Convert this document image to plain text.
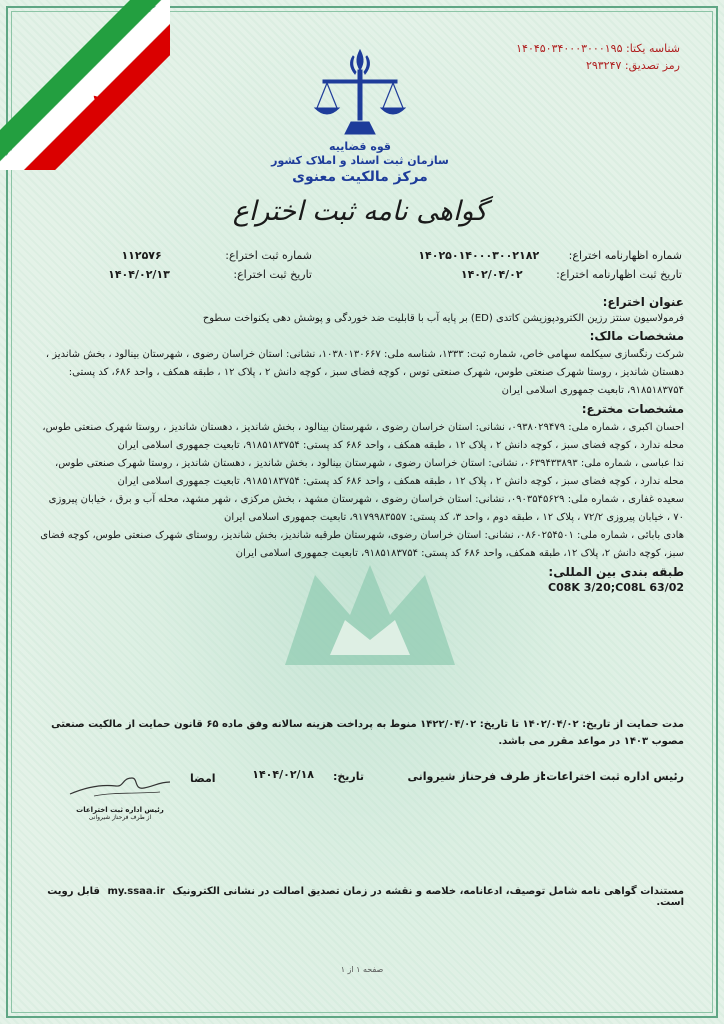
شناسه یکتا: ۱۴۰۴۵۰۳۴۰۰۰۳۰۰۰۱۹۵
رمز تصدیق: ۲۹۳۲۴۷
قوه قضاییه
سازمان ثبت اسناد و املاک کشور
مرکز مالکیت معنوی
گواهی نامه ثبت اختراع
شماره اظهارنامه اختراع: ۱۴۰۲۵۰۱۴۰۰۰۳۰۰۲۱۸۲
شماره ثبت اختراع: ۱۱۲۵۷۶
تاریخ ثبت اظهارنامه اختراع: ۱۴۰۲/۰۴/۰۲
تاریخ ثبت اختراع: ۱۴۰۴/۰۲/۱۳
عنوان اختراع:
فرمولاسیون سنتز رزین الکترودپوزیشن کاتدی (ED) بر پایه آب با قابلیت ضد خوردگی و پوشش دهی یکنواخت سطوح
مشخصات مالک:
شرکت رنگسازی سیکلمه سهامی خاص، شماره ثبت: ۱۳۳۳، شناسه ملی: ۱۰۳۸۰۱۳۰۶۶۷، نشانی: استان خراسان رضوی ، شهرستان بینالود ، بخش شاندیز ، دهستان شاندیز ، روستا شهرک صنعتی طوس، شهرک صنعتی توس ، کوچه فضای سبز ، کوچه دانش ۲ ، پلاک ۱۲ ، طبقه همکف ، واحد ۶۸۶، کد پستی: ۹۱۸۵۱۸۳۷۵۴، تابعیت جمهوری اسلامی ایران
مشخصات مخترع:
احسان اکبری ، شماره ملی: ۰۹۳۸۰۲۹۴۷۹، نشانی: استان خراسان رضوی ، شهرستان بینالود ، بخش شاندیز ، دهستان شاندیز ، روستا شهرک صنعتی طوس، محله ندارد ، کوچه فضای سبز ، کوچه دانش ۲ ، پلاک ۱۲ ، طبقه همکف ، واحد ۶۸۶ کد پستی: ۹۱۸۵۱۸۳۷۵۴، تابعیت جمهوری اسلامی ایران
ندا عباسی ، شماره ملی: ۰۶۳۹۴۳۳۸۹۳، نشانی: استان خراسان رضوی ، شهرستان بینالود ، بخش شاندیز ، دهستان شاندیز ، روستا شهرک صنعتی طوس، محله ندارد ، کوچه فضای سبز ، کوچه دانش ۲ ، پلاک ۱۲ ، طبقه همکف ، واحد ۶۸۶ کد پستی: ۹۱۸۵۱۸۳۷۵۴، تابعیت جمهوری اسلامی ایران
سعیده غفاری ، شماره ملی: ۰۹۰۳۵۴۵۶۲۹، نشانی: استان خراسان رضوی ، شهرستان مشهد ، بخش مرکزی ، شهر مشهد، محله آب و برق ، خیابان پیروزی ۷۰ ، خیابان پیروزی ۷۲/۲ ، پلاک ۱۲ ، طبقه دوم ، واحد ۳، کد پستی: ۹۱۷۹۹۸۳۵۵۷، تابعیت جمهوری اسلامی ایران
هادی بابائی ، شماره ملی: ۰۸۶۰۲۵۴۵۰۱، نشانی: استان خراسان رضوی، شهرستان طرقبه شاندیز، بخش شاندیز، روستای شهرک صنعتی طوس، کوچه فضای سبز، کوچه دانش ۲، پلاک ۱۲، طبقه همکف، واحد ۶۸۶ کد پستی: ۹۱۸۵۱۸۳۷۵۴، تابعیت جمهوری اسلامی ایران
طبقه بندی بین المللی:
C08K 3/20;C08L 63/02
مدت حمایت از تاریخ: ۱۴۰۲/۰۴/۰۲ تا تاریخ: ۱۴۲۲/۰۴/۰۲ منوط به پرداخت هزینه سالانه وفق ماده ۶۵ قانون حمایت از مالکیت صنعتی مصوب ۱۴۰۳ در مواعد مقرر می باشد.
رئیس اداره ثبت اختراعات:
از طرف فرحناز شیروانی
تاریخ:
۱۴۰۴/۰۲/۱۸
امضا
رئیس اداره ثبت اختراعات
از طرف فرحناز شیروانی
مستندات گواهی نامه شامل توصیف، ادعانامه، خلاصه و نقشه در زمان تصدیق اصالت در نشانی الکترونیک my.ssaa.ir قابل رویت است.
صفحه ۱ از ۱
